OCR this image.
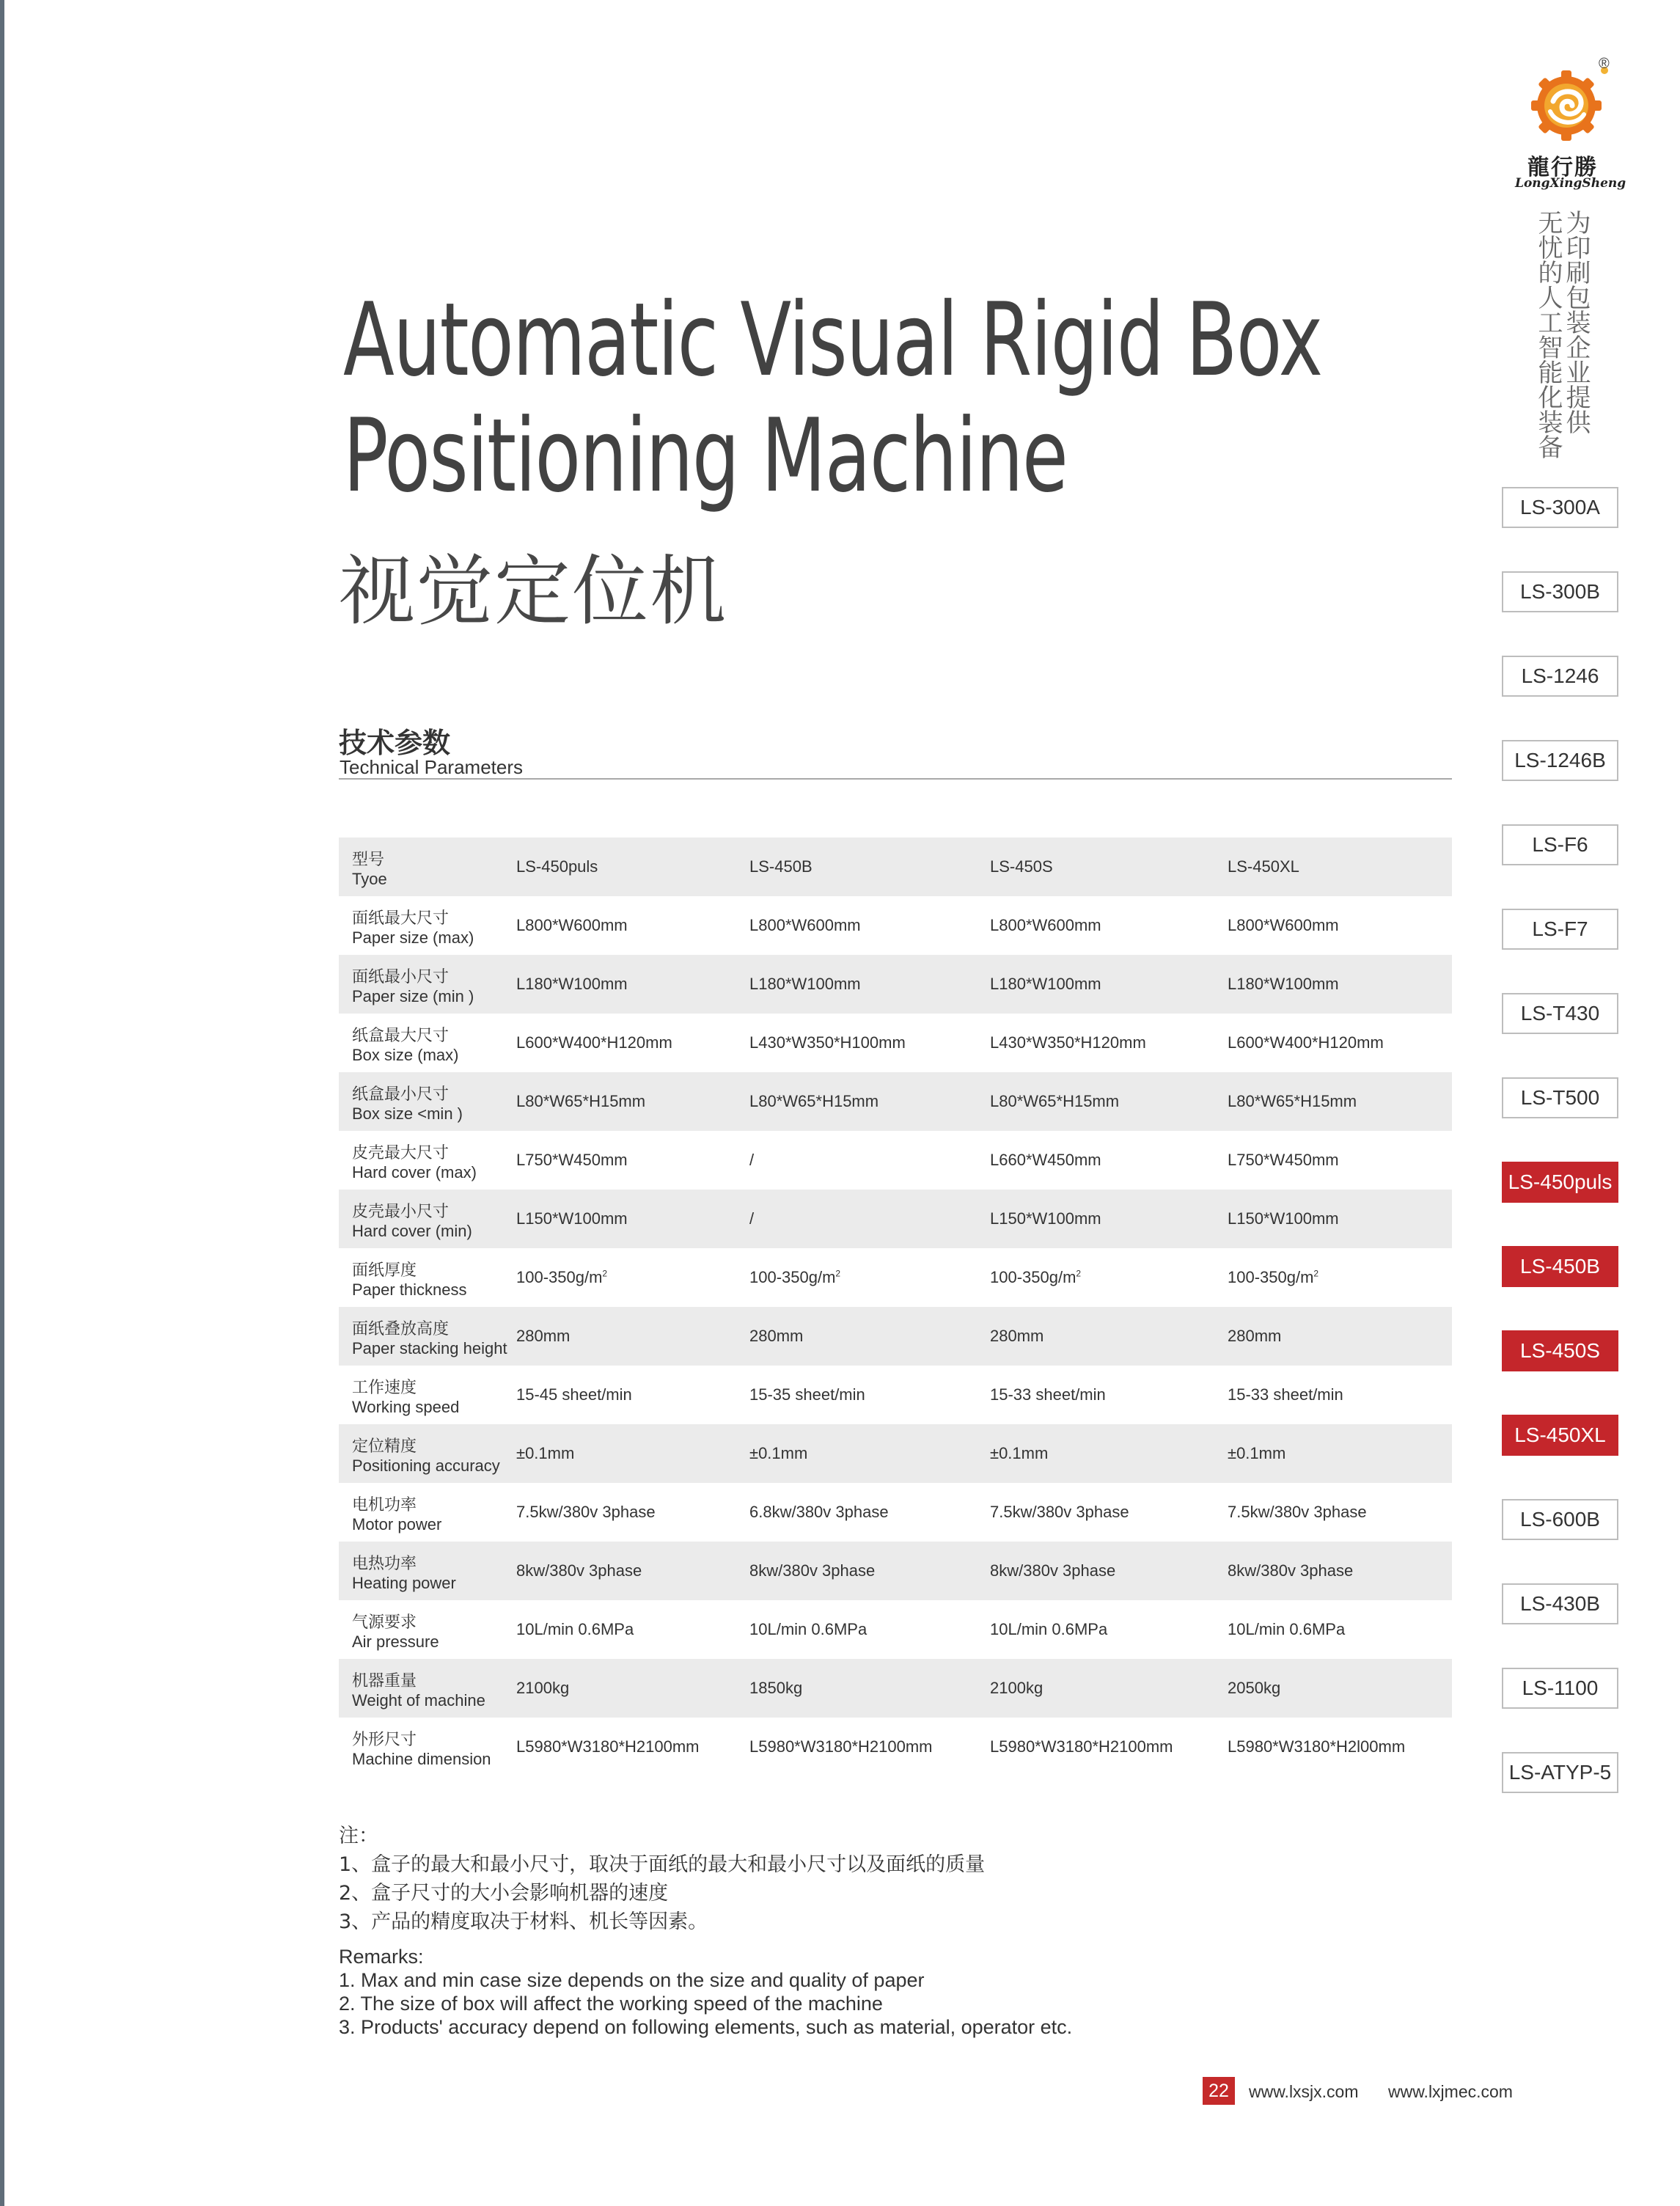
®
龍行勝
LongXingSheng
为印刷包装企业提供
无忧的人工智能化装备
Automatic Visual Rigid Box
Positioning Machine
视觉定位机
技术参数
Technical Parameters
型号
Tyoe	LS-450puls	LS-450B	LS-450S	LS-450XL

面纸最大尺寸
Paper size (max)	L800*W600mm	L800*W600mm	L800*W600mm	L800*W600mm

面纸最小尺寸
Paper size (min )	L180*W100mm	L180*W100mm	L180*W100mm	L180*W100mm

纸盒最大尺寸
Box size (max)	L600*W400*H120mm	L430*W350*H100mm	L430*W350*H120mm	L600*W400*H120mm

纸盒最小尺寸
Box size <min )	L80*W65*H15mm	L80*W65*H15mm	L80*W65*H15mm	L80*W65*H15mm

皮壳最大尺寸
Hard cover (max)	L750*W450mm	/	L660*W450mm	L750*W450mm

皮壳最小尺寸
Hard cover (min)	L150*W100mm	/	L150*W100mm	L150*W100mm

面纸厚度
Paper thickness	$100-350g/m^2$	$100-350g/m^2$	$100-350g/m^2$	$100-350g/m^2$

面纸叠放高度
Paper stacking height	280mm	280mm	280mm	280mm

工作速度
Working speed	15-45 sheet/min	15-35 sheet/min	15-33 sheet/min	15-33 sheet/min

定位精度
Positioning accuracy	±0.1mm	±0.1mm	±0.1mm	±0.1mm

电机功率
Motor power	7.5kw/380v 3phase	6.8kw/380v 3phase	7.5kw/380v 3phase	7.5kw/380v 3phase

电热功率
Heating power	8kw/380v 3phase	8kw/380v 3phase	8kw/380v 3phase	8kw/380v 3phase

气源要求
Air pressure	10L/min 0.6MPa	10L/min 0.6MPa	10L/min 0.6MPa	10L/min 0.6MPa

机器重量
Weight of machine	2100kg	1850kg	2100kg	2050kg

外形尺寸
Machine dimension	L5980*W3180*H2100mm	L5980*W3180*H2100mm	L5980*W3180*H2100mm	L5980*W3180*H2l00mm
注：
1、盒子的最大和最小尺寸，取决于面纸的最大和最小尺寸以及面纸的质量
2、盒子尺寸的大小会影响机器的速度
3、产品的精度取决于材料、机长等因素。
Remarks:
1. Max and min case size depends on the size and quality of paper
2. The size of box will affect the working speed of the machine
3. Products' accuracy depend on following elements, such as material, operator etc.
22	www.lxsjx.com www.lxjmec.com
LS-300A
LS-300B
LS-1246
LS-1246B
LS-F6
LS-F7
LS-T430
LS-T500
LS-450puls
LS-450B
LS-450S
LS-450XL
LS-600B
LS-430B
LS-1100
LS-ATYP-5
